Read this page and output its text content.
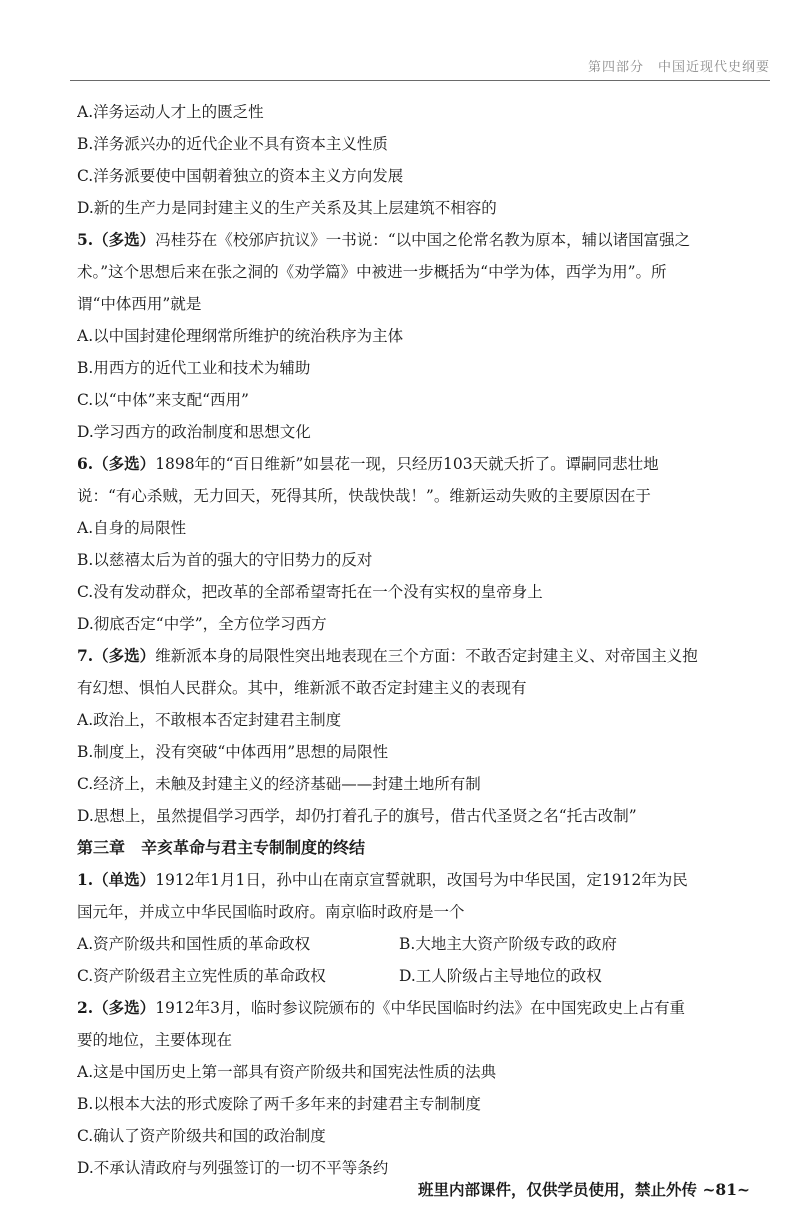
第四部分　中国近现代史纲要
A.洋务运动人才上的匮乏性
B.洋务派兴办的近代企业不具有资本主义性质
C.洋务派要使中国朝着独立的资本主义方向发展
D.新的生产力是同封建主义的生产关系及其上层建筑不相容的
5.（多选）冯桂芬在《校邠庐抗议》一书说：“以中国之伦常名教为原本，辅以诸国富强之
术。”这个思想后来在张之洞的《劝学篇》中被进一步概括为“中学为体，西学为用”。所
谓“中体西用”就是
A.以中国封建伦理纲常所维护的统治秩序为主体
B.用西方的近代工业和技术为辅助
C.以“中体”来支配“西用”
D.学习西方的政治制度和思想文化
6.（多选）1898年的“百日维新”如昙花一现，只经历103天就夭折了。谭嗣同悲壮地
说：“有心杀贼，无力回天，死得其所，快哉快哉！”。维新运动失败的主要原因在于
A.自身的局限性
B.以慈禧太后为首的强大的守旧势力的反对
C.没有发动群众，把改革的全部希望寄托在一个没有实权的皇帝身上
D.彻底否定“中学”，全方位学习西方
7.（多选）维新派本身的局限性突出地表现在三个方面：不敢否定封建主义、对帝国主义抱
有幻想、惧怕人民群众。其中，维新派不敢否定封建主义的表现有
A.政治上，不敢根本否定封建君主制度
B.制度上，没有突破“中体西用”思想的局限性
C.经济上，未触及封建主义的经济基础——封建土地所有制
D.思想上，虽然提倡学习西学，却仍打着孔子的旗号，借古代圣贤之名“托古改制”
第三章　辛亥革命与君主专制制度的终结
1.（单选）1912年1月1日，孙中山在南京宣誓就职，改国号为中华民国，定1912年为民
国元年，并成立中华民国临时政府。南京临时政府是一个
A.资产阶级共和国性质的革命政权	B.大地主大资产阶级专政的政府
C.资产阶级君主立宪性质的革命政权	D.工人阶级占主导地位的政权
2.（多选）1912年3月，临时参议院颁布的《中华民国临时约法》在中国宪政史上占有重
要的地位，主要体现在
A.这是中国历史上第一部具有资产阶级共和国宪法性质的法典
B.以根本大法的形式废除了两千多年来的封建君主专制制度
C.确认了资产阶级共和国的政治制度
D.不承认清政府与列强签订的一切不平等条约
班里内部课件，仅供学员使用，禁止外传 ~81~
